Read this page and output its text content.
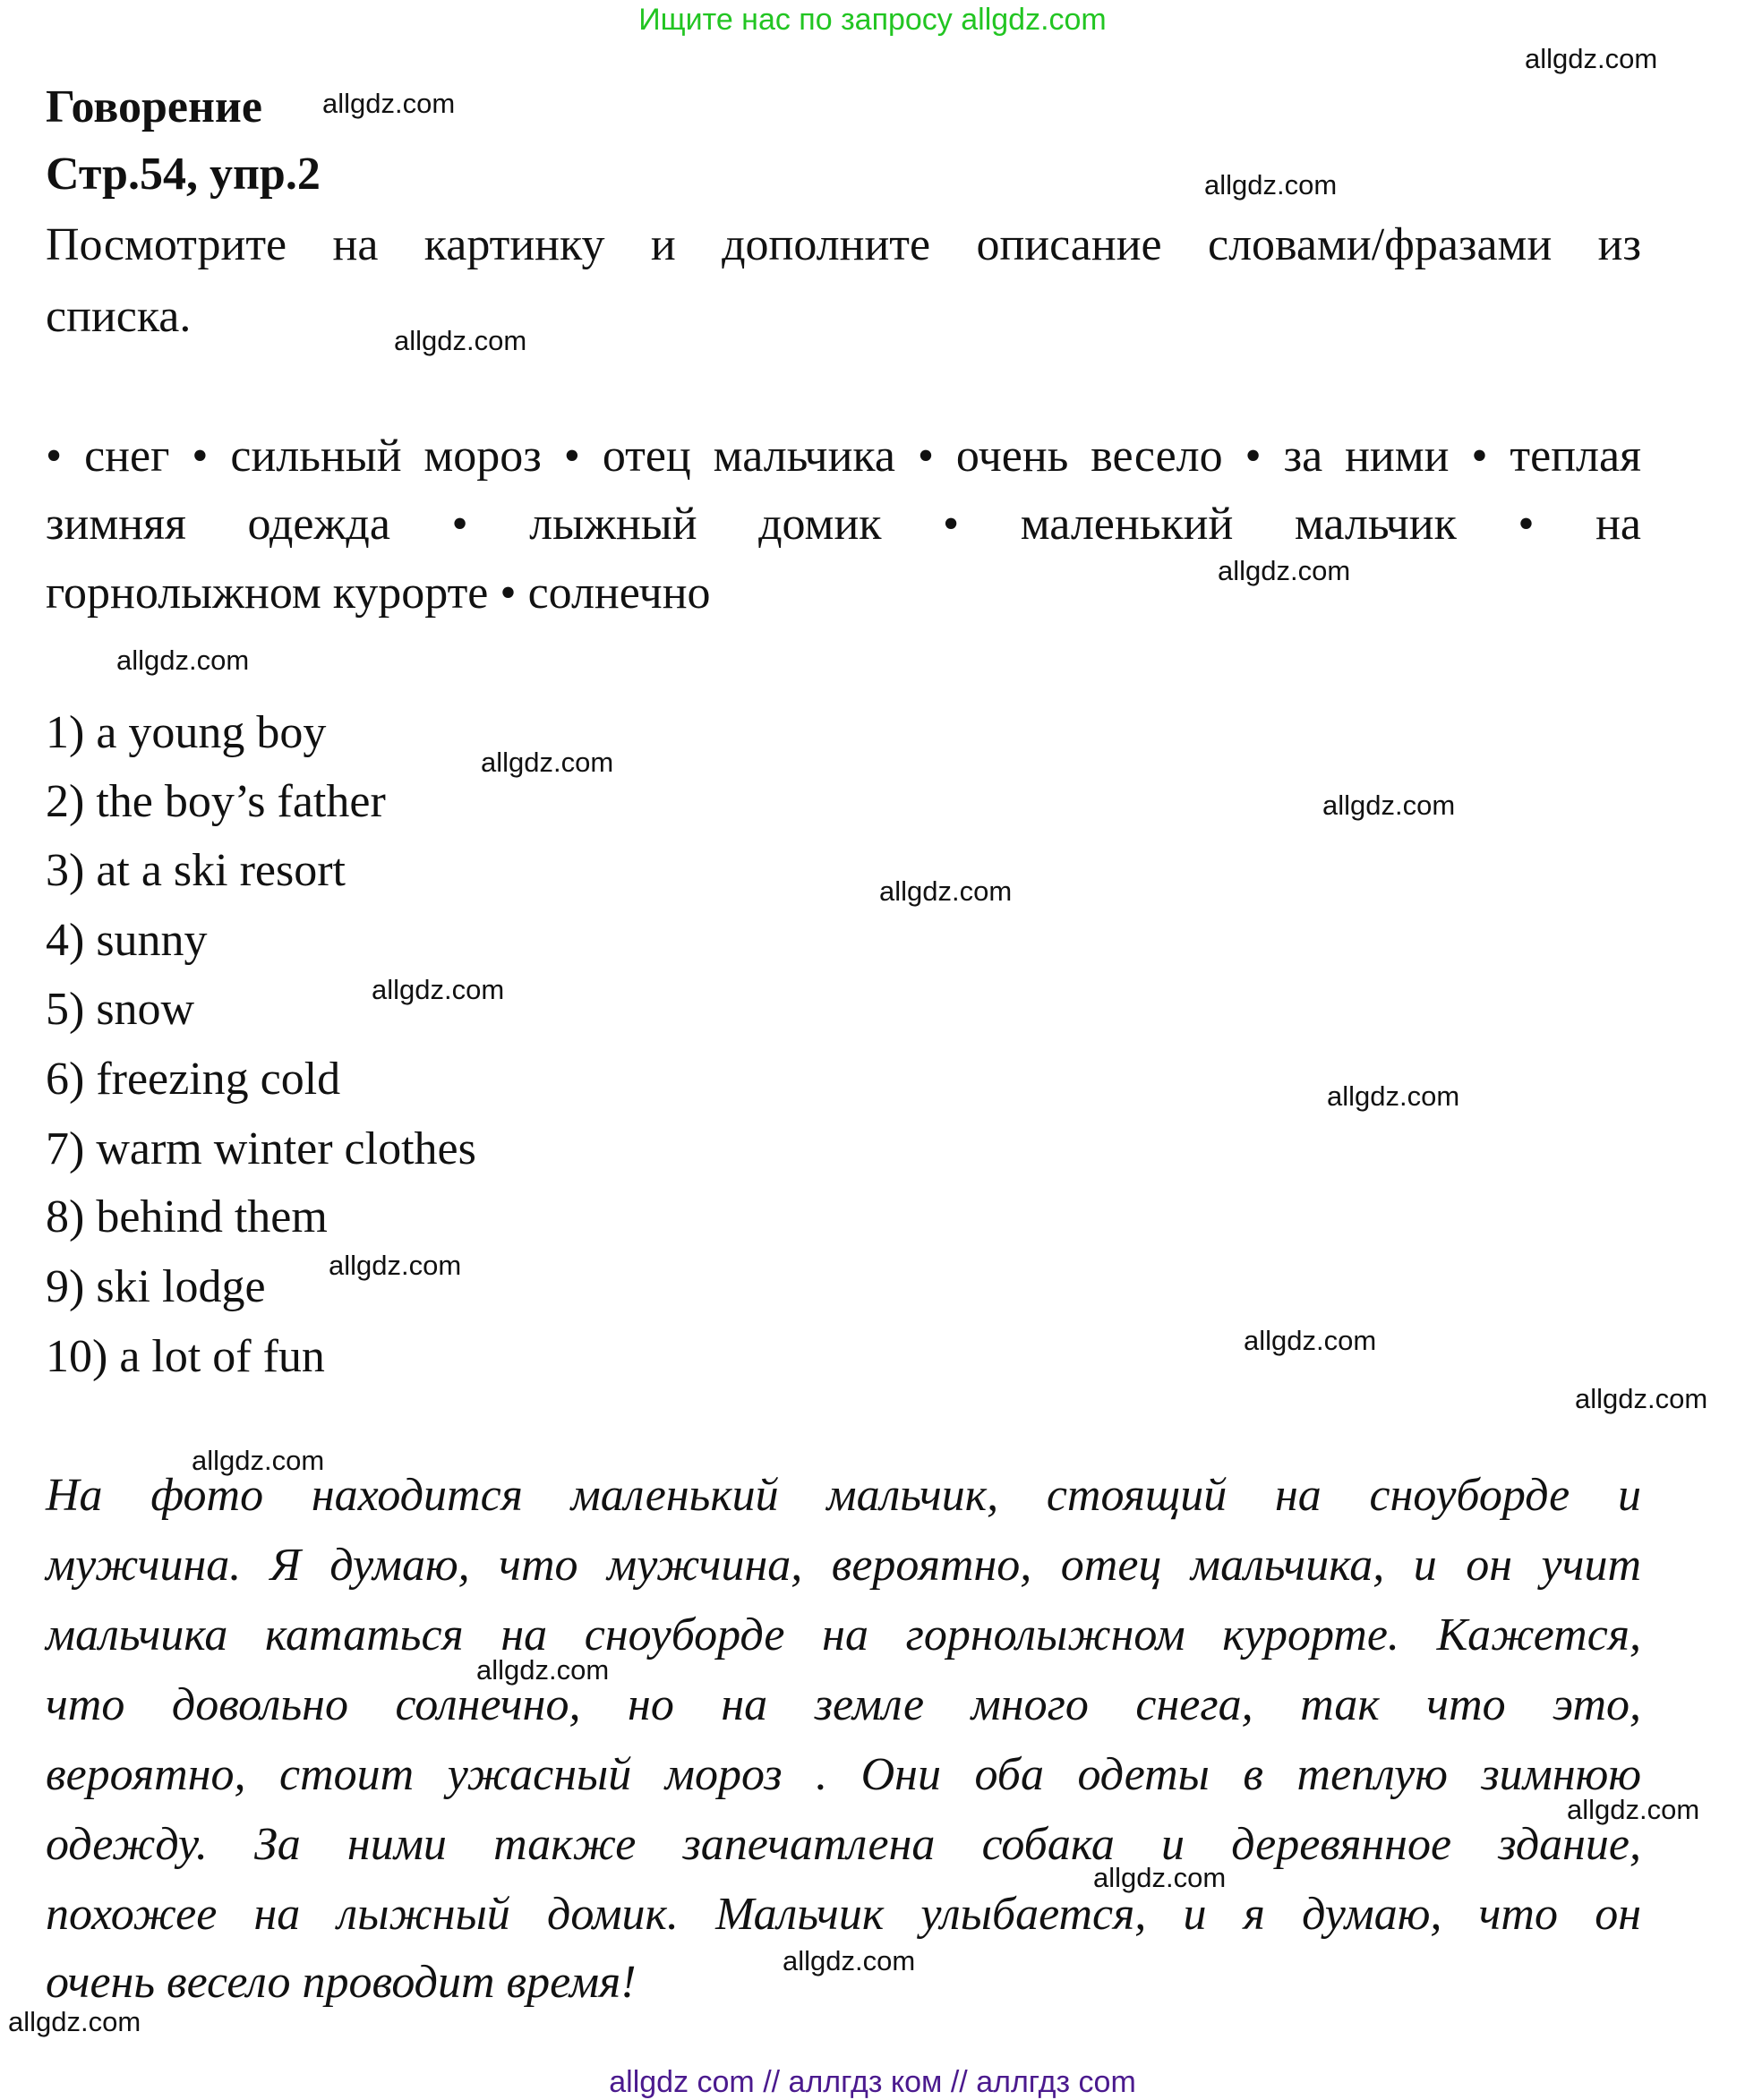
Ищите нас по запросу allgdz.com
Говорение
Стр.54, упр.2
Посмотрите на картинку и дополните описание словами/фразами из
списка.
• снег • сильный мороз • отец мальчика • очень весело • за ними • теплая
зимняя одежда • лыжный домик • маленький мальчик • на
горнолыжном курорте • солнечно
1) a young boy
2) the boy’s father
3) at a ski resort
4) sunny
5) snow
6) freezing cold
7) warm winter clothes
8) behind them
9) ski lodge
10) a lot of fun
На фото находится маленький мальчик, стоящий на сноуборде и
мужчина. Я думаю, что мужчина, вероятно, отец мальчика, и он учит
мальчика кататься на сноуборде на горнолыжном курорте. Кажется,
что довольно солнечно, но на земле много снега, так что это,
вероятно, стоит ужасный мороз . Они оба одеты в теплую зимнюю
одежду. За ними также запечатлена собака и деревянное здание,
похожее на лыжный домик. Мальчик улыбается, и я думаю, что он
очень весело проводит время!
allgdz.com
allgdz.com
allgdz.com
allgdz.com
allgdz.com
allgdz.com
allgdz.com
allgdz.com
allgdz.com
allgdz.com
allgdz.com
allgdz.com
allgdz.com
allgdz.com
allgdz.com
allgdz.com
allgdz.com
allgdz.com
allgdz.com
allgdz.com
allgdz com // аллгдз ком // аллгдз com
